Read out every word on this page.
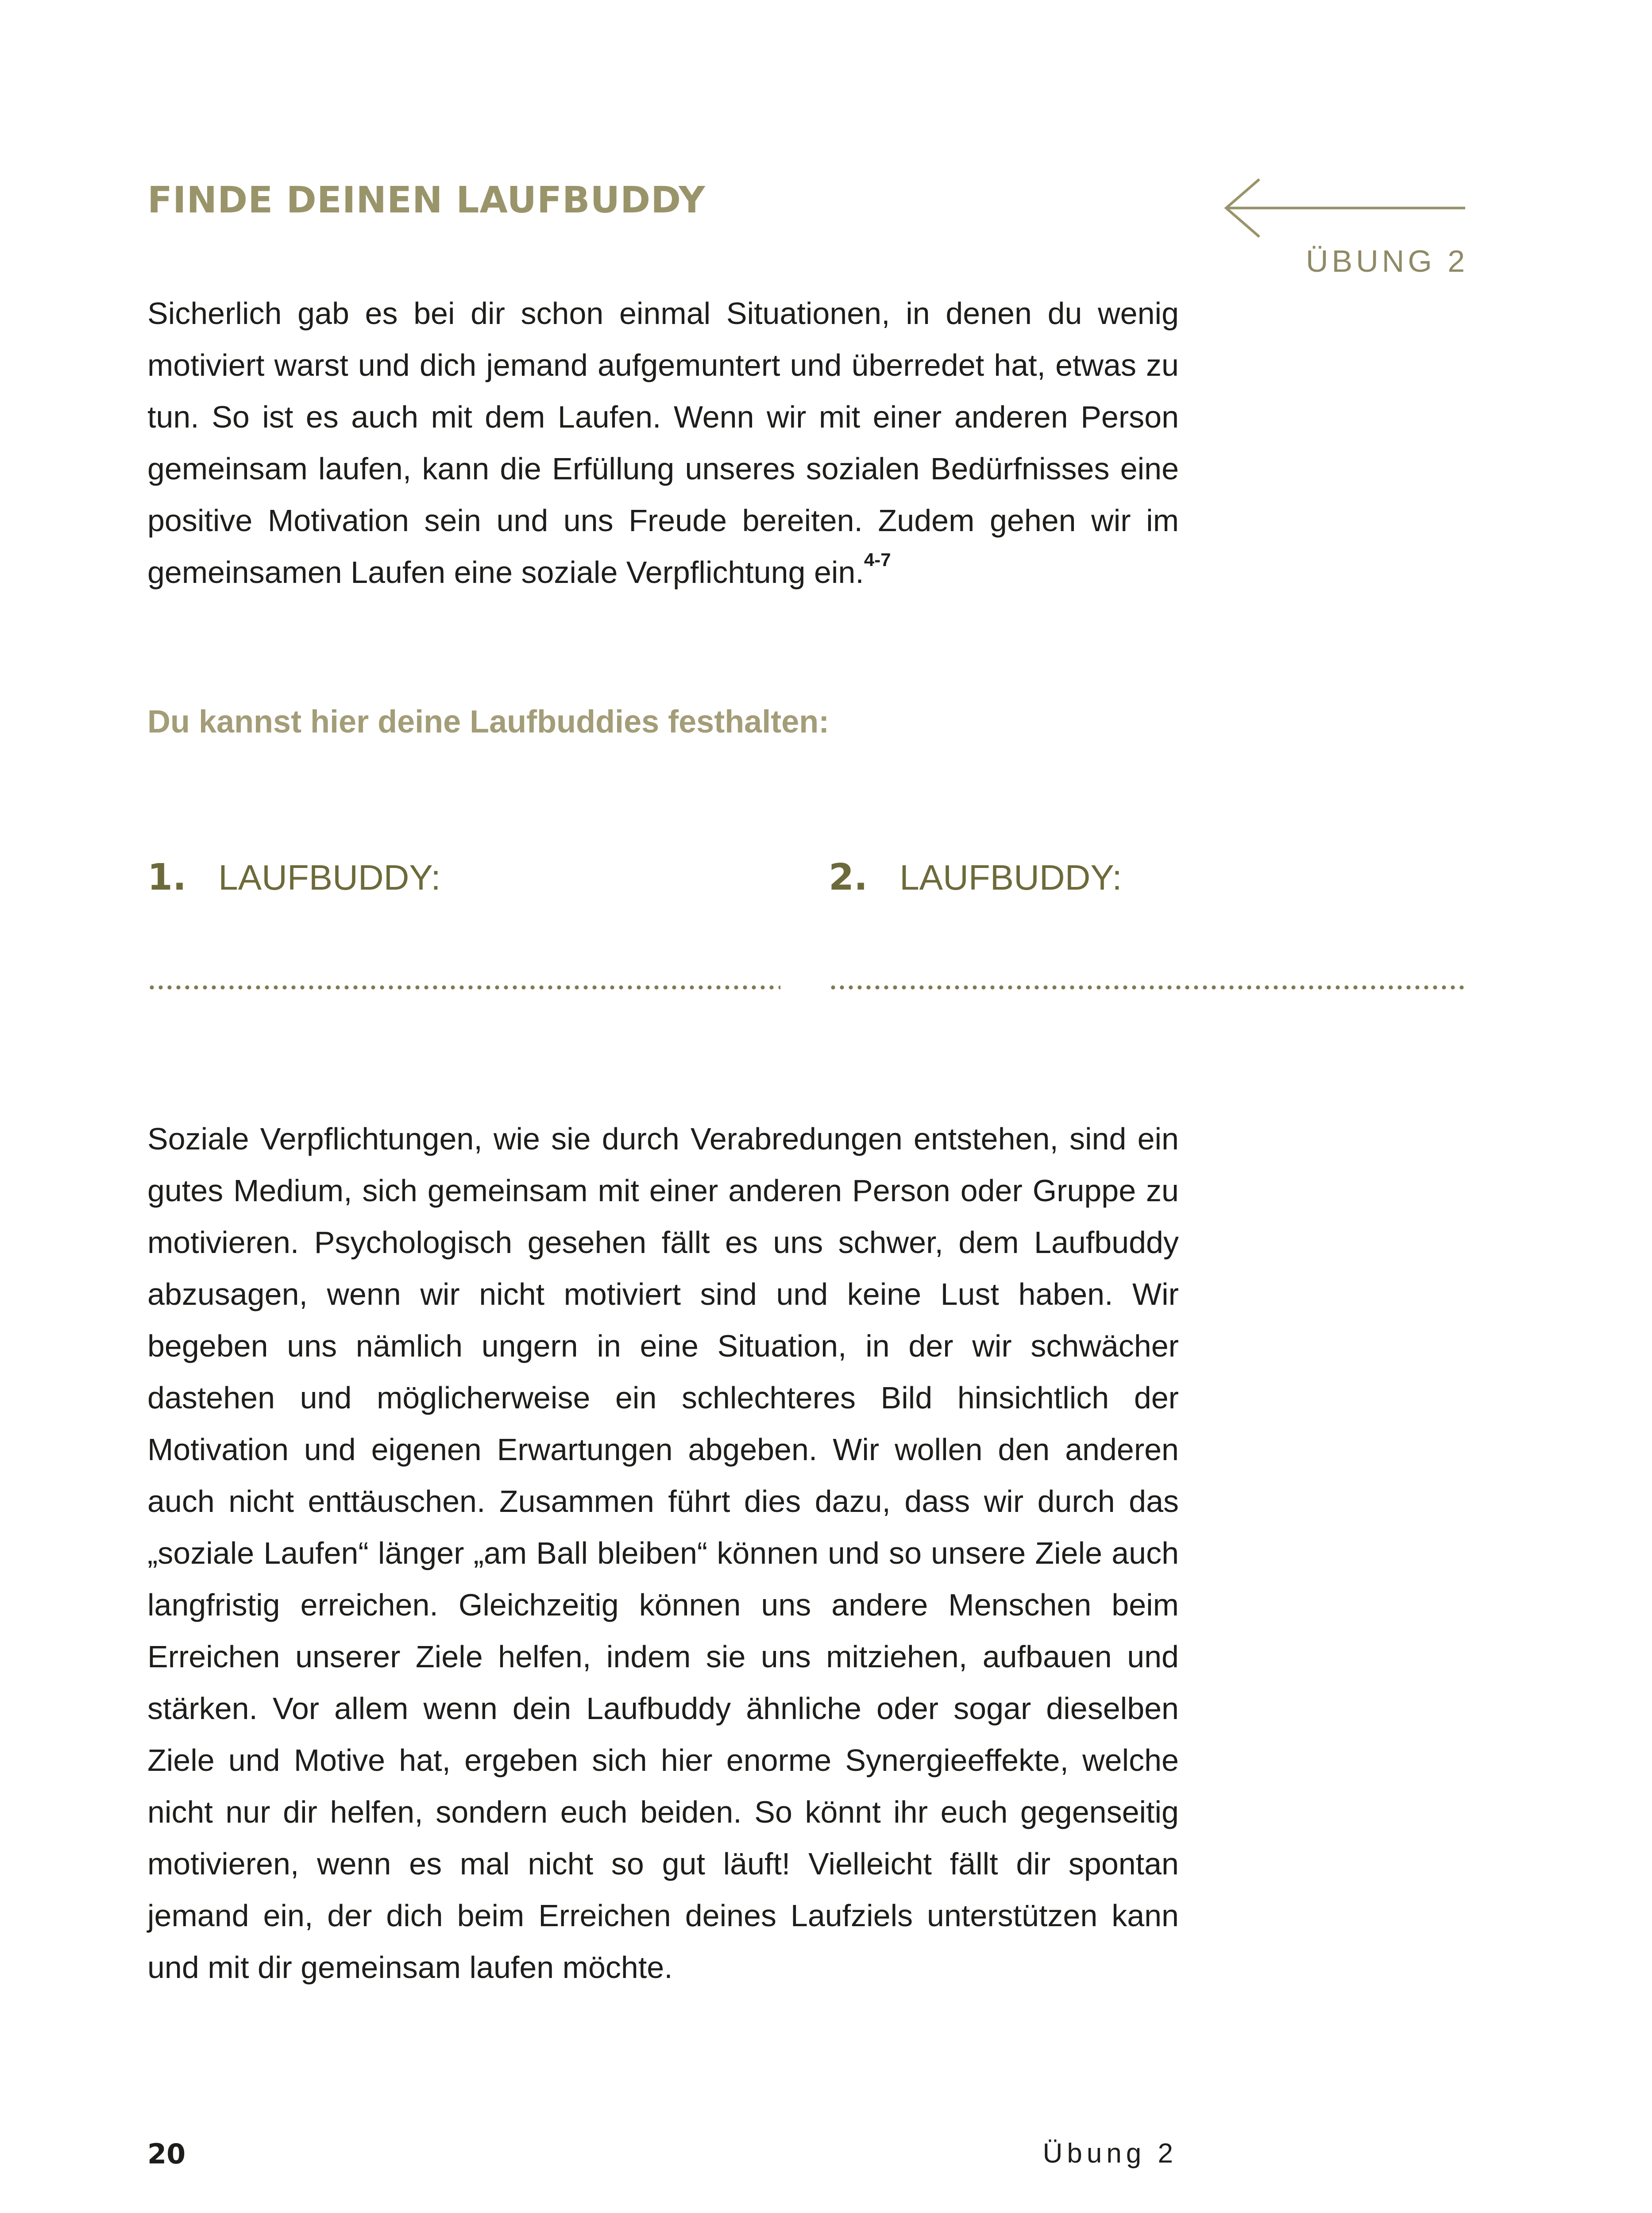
FINDE DEINEN LAUFBUDDY
ÜBUNG 2

Sicherlich gab es bei dir schon einmal Situationen, in denen du wenig motiviert warst und dich jemand aufgemuntert und überredet hat, etwas zu tun. So ist es auch mit dem Laufen. Wenn wir mit einer anderen Person gemeinsam laufen, kann die Erfüllung unseres sozialen Bedürfnisses eine positive Motivation sein und uns Freude bereiten. Zudem gehen wir im gemeinsamen Laufen eine soziale Verpflichtung ein.$^{4-7}$

Du kannst hier deine Laufbuddies festhalten:
1. LAUFBUDDY:	2. LAUFBUDDY:

Soziale Verpflichtungen, wie sie durch Verabredungen entstehen, sind ein gutes Medium, sich gemeinsam mit einer anderen Person oder Gruppe zu motivieren. Psychologisch gesehen fällt es uns schwer, dem Laufbuddy abzusagen, wenn wir nicht motiviert sind und keine Lust haben. Wir begeben uns nämlich ungern in eine Situation, in der wir schwächer dastehen und möglicherweise ein schlechteres Bild hinsichtlich der Motivation und eigenen Erwartungen abgeben. Wir wollen den anderen auch nicht enttäuschen. Zusammen führt dies dazu, dass wir durch das „soziale Laufen“ länger „am Ball bleiben“ können und so unsere Ziele auch langfristig erreichen. Gleichzeitig können uns andere Menschen beim Erreichen unserer Ziele helfen, indem sie uns mitziehen, aufbauen und stärken. Vor allem wenn dein Laufbuddy ähnliche oder sogar dieselben Ziele und Motive hat, ergeben sich hier enorme Synergieeffekte, welche nicht nur dir helfen, sondern euch beiden. So könnt ihr euch gegenseitig motivieren, wenn es mal nicht so gut läuft! Vielleicht fällt dir spontan jemand ein, der dich beim Erreichen deines Laufziels unterstützen kann und mit dir gemeinsam laufen möchte.

20	Übung 2
